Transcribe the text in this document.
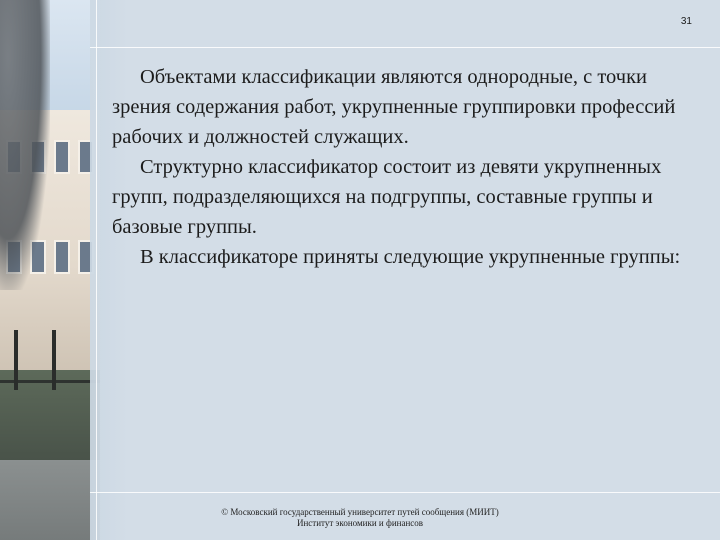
31

Объектами классификации являются однородные, с точки зрения содержания работ, укрупненные группировки профессий рабочих и должностей служащих.

Структурно классификатор состоит из девяти укрупненных групп, подразделяющихся на подгруппы, составные группы и базовые группы.

В классификаторе приняты следующие укрупненные группы:

© Московский государственный университет путей сообщения (МИИТ)
Институт экономики и финансов
